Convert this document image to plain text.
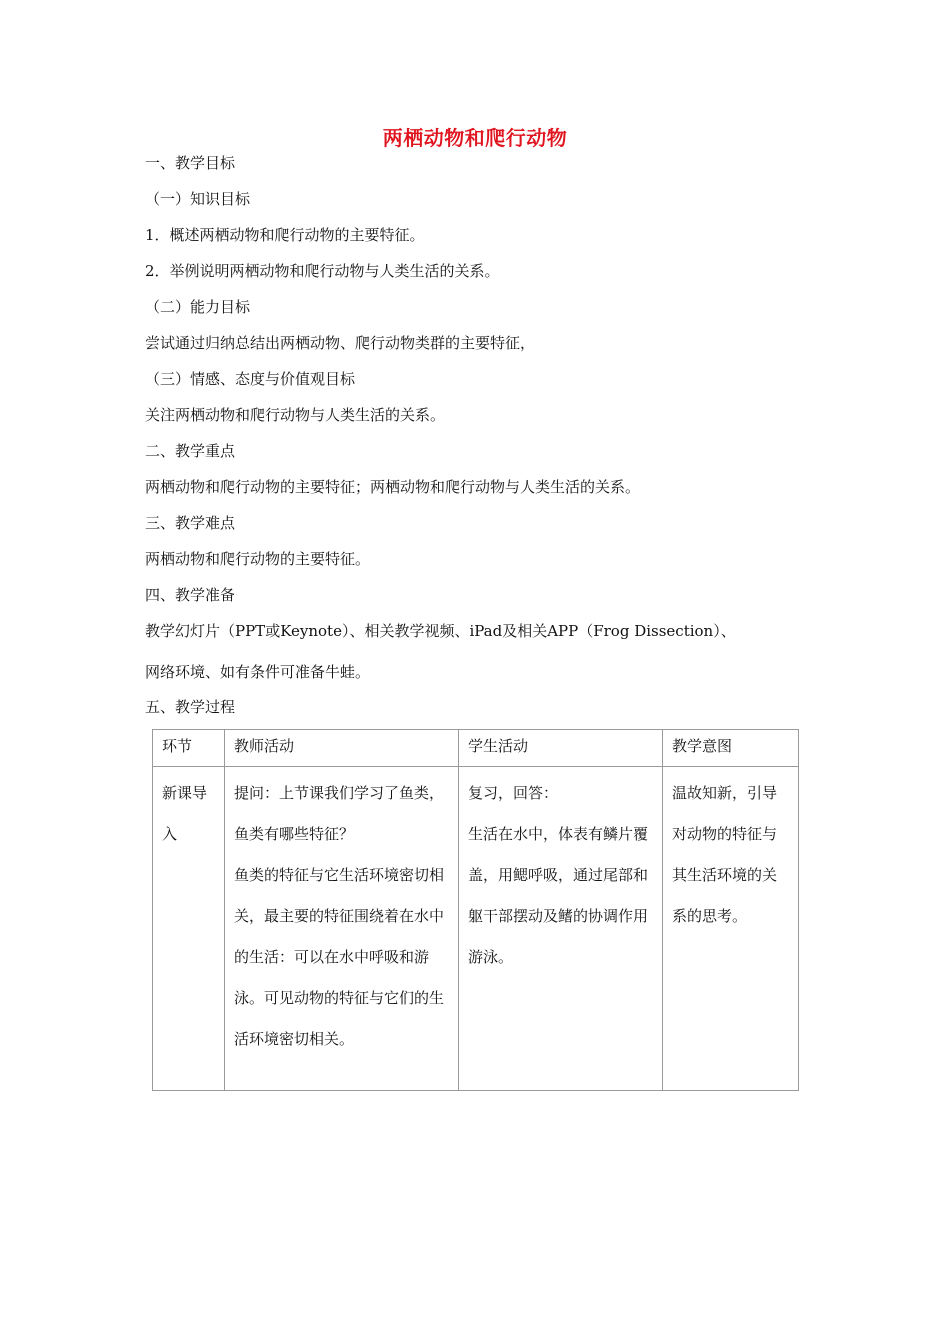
两栖动物和爬行动物
一、教学目标
（一）知识目标
1．概述两栖动物和爬行动物的主要特征。
2．举例说明两栖动物和爬行动物与人类生活的关系。
（二）能力目标
尝试通过归纳总结出两栖动物、爬行动物类群的主要特征，
（三）情感、态度与价值观目标
关注两栖动物和爬行动物与人类生活的关系。
二、教学重点
两栖动物和爬行动物的主要特征；两栖动物和爬行动物与人类生活的关系。
三、教学难点
两栖动物和爬行动物的主要特征。
四、教学准备
教学幻灯片（PPT或Keynote）、相关教学视频、iPad及相关APP（Frog Dissection）、
网络环境、如有条件可准备牛蛙。
五、教学过程
环节	教师活动	学生活动	教学意图

新课导入	提问：上节课我们学习了鱼类，鱼类有哪些特征？
鱼类的特征与它生活环境密切相关，最主要的特征围绕着在水中的生活：可以在水中呼吸和游泳。可见动物的特征与它们的生活环境密切相关。	复习，回答：
生活在水中，体表有鳞片覆盖，用鳃呼吸，通过尾部和躯干部摆动及鳍的协调作用游泳。	温故知新，引导对动物的特征与其生活环境的关系的思考。
